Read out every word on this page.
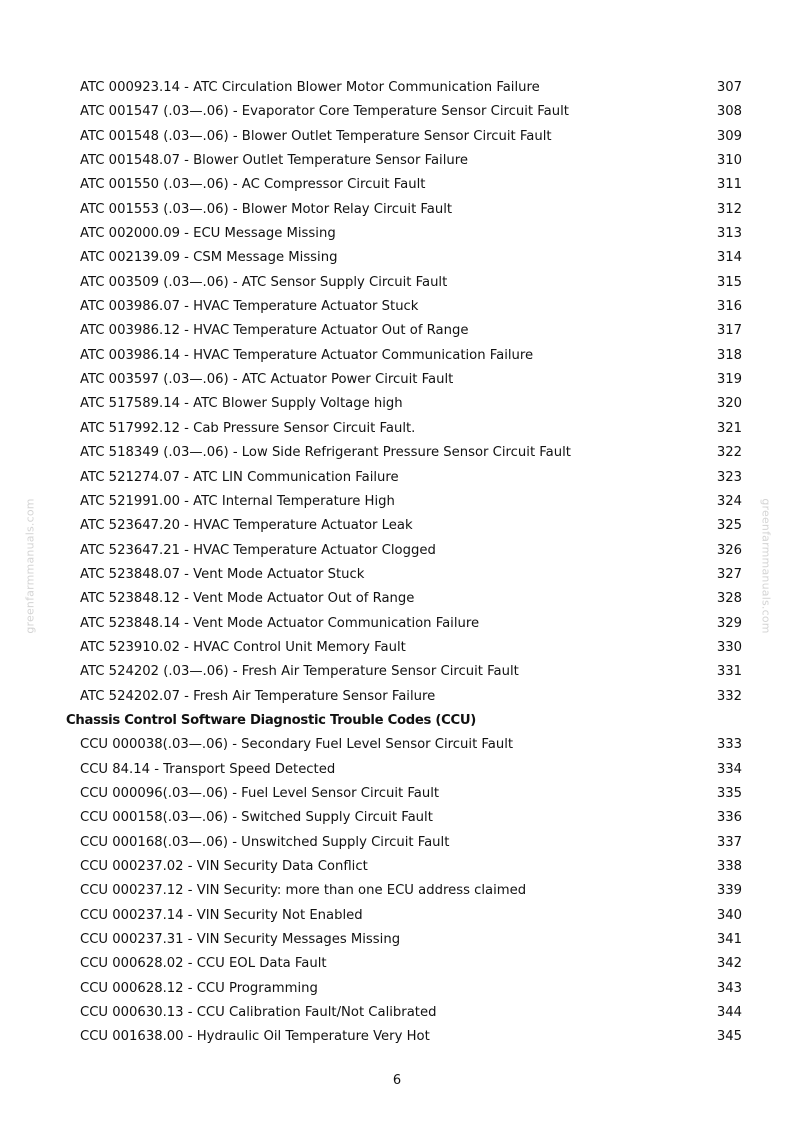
greenfarmmanuals.com	greenfarmmanuals.com
ATC 000923.14 - ATC Circulation Blower Motor Communication Failure	307
ATC 001547 (.03—.06) - Evaporator Core Temperature Sensor Circuit Fault	308
ATC 001548 (.03—.06) - Blower Outlet Temperature Sensor Circuit Fault	309
ATC 001548.07 - Blower Outlet Temperature Sensor Failure	310
ATC 001550 (.03—.06) - AC Compressor Circuit Fault	311
ATC 001553 (.03—.06) - Blower Motor Relay Circuit Fault	312
ATC 002000.09 - ECU Message Missing	313
ATC 002139.09 - CSM Message Missing	314
ATC 003509 (.03—.06) - ATC Sensor Supply Circuit Fault	315
ATC 003986.07 - HVAC Temperature Actuator Stuck	316
ATC 003986.12 - HVAC Temperature Actuator Out of Range	317
ATC 003986.14 - HVAC Temperature Actuator Communication Failure	318
ATC 003597 (.03—.06) - ATC Actuator Power Circuit Fault	319
ATC 517589.14 - ATC Blower Supply Voltage high	320
ATC 517992.12 - Cab Pressure Sensor Circuit Fault.	321
ATC 518349 (.03—.06) - Low Side Refrigerant Pressure Sensor Circuit Fault	322
ATC 521274.07 - ATC LIN Communication Failure	323
ATC 521991.00 - ATC Internal Temperature High	324
ATC 523647.20 - HVAC Temperature Actuator Leak	325
ATC 523647.21 - HVAC Temperature Actuator Clogged	326
ATC 523848.07 - Vent Mode Actuator Stuck	327
ATC 523848.12 - Vent Mode Actuator Out of Range	328
ATC 523848.14 - Vent Mode Actuator Communication Failure	329
ATC 523910.02 - HVAC Control Unit Memory Fault	330
ATC 524202 (.03—.06) - Fresh Air Temperature Sensor Circuit Fault	331
ATC 524202.07 - Fresh Air Temperature Sensor Failure	332
Chassis Control Software Diagnostic Trouble Codes (CCU)
CCU 000038(.03—.06) - Secondary Fuel Level Sensor Circuit Fault	333
CCU 84.14 - Transport Speed Detected	334
CCU 000096(.03—.06) - Fuel Level Sensor Circuit Fault	335
CCU 000158(.03—.06) - Switched Supply Circuit Fault	336
CCU 000168(.03—.06) - Unswitched Supply Circuit Fault	337
CCU 000237.02 - VIN Security Data Conflict	338
CCU 000237.12 - VIN Security: more than one ECU address claimed	339
CCU 000237.14 - VIN Security Not Enabled	340
CCU 000237.31 - VIN Security Messages Missing	341
CCU 000628.02 - CCU EOL Data Fault	342
CCU 000628.12 - CCU Programming	343
CCU 000630.13 - CCU Calibration Fault/Not Calibrated	344
CCU 001638.00 - Hydraulic Oil Temperature Very Hot	345
6
